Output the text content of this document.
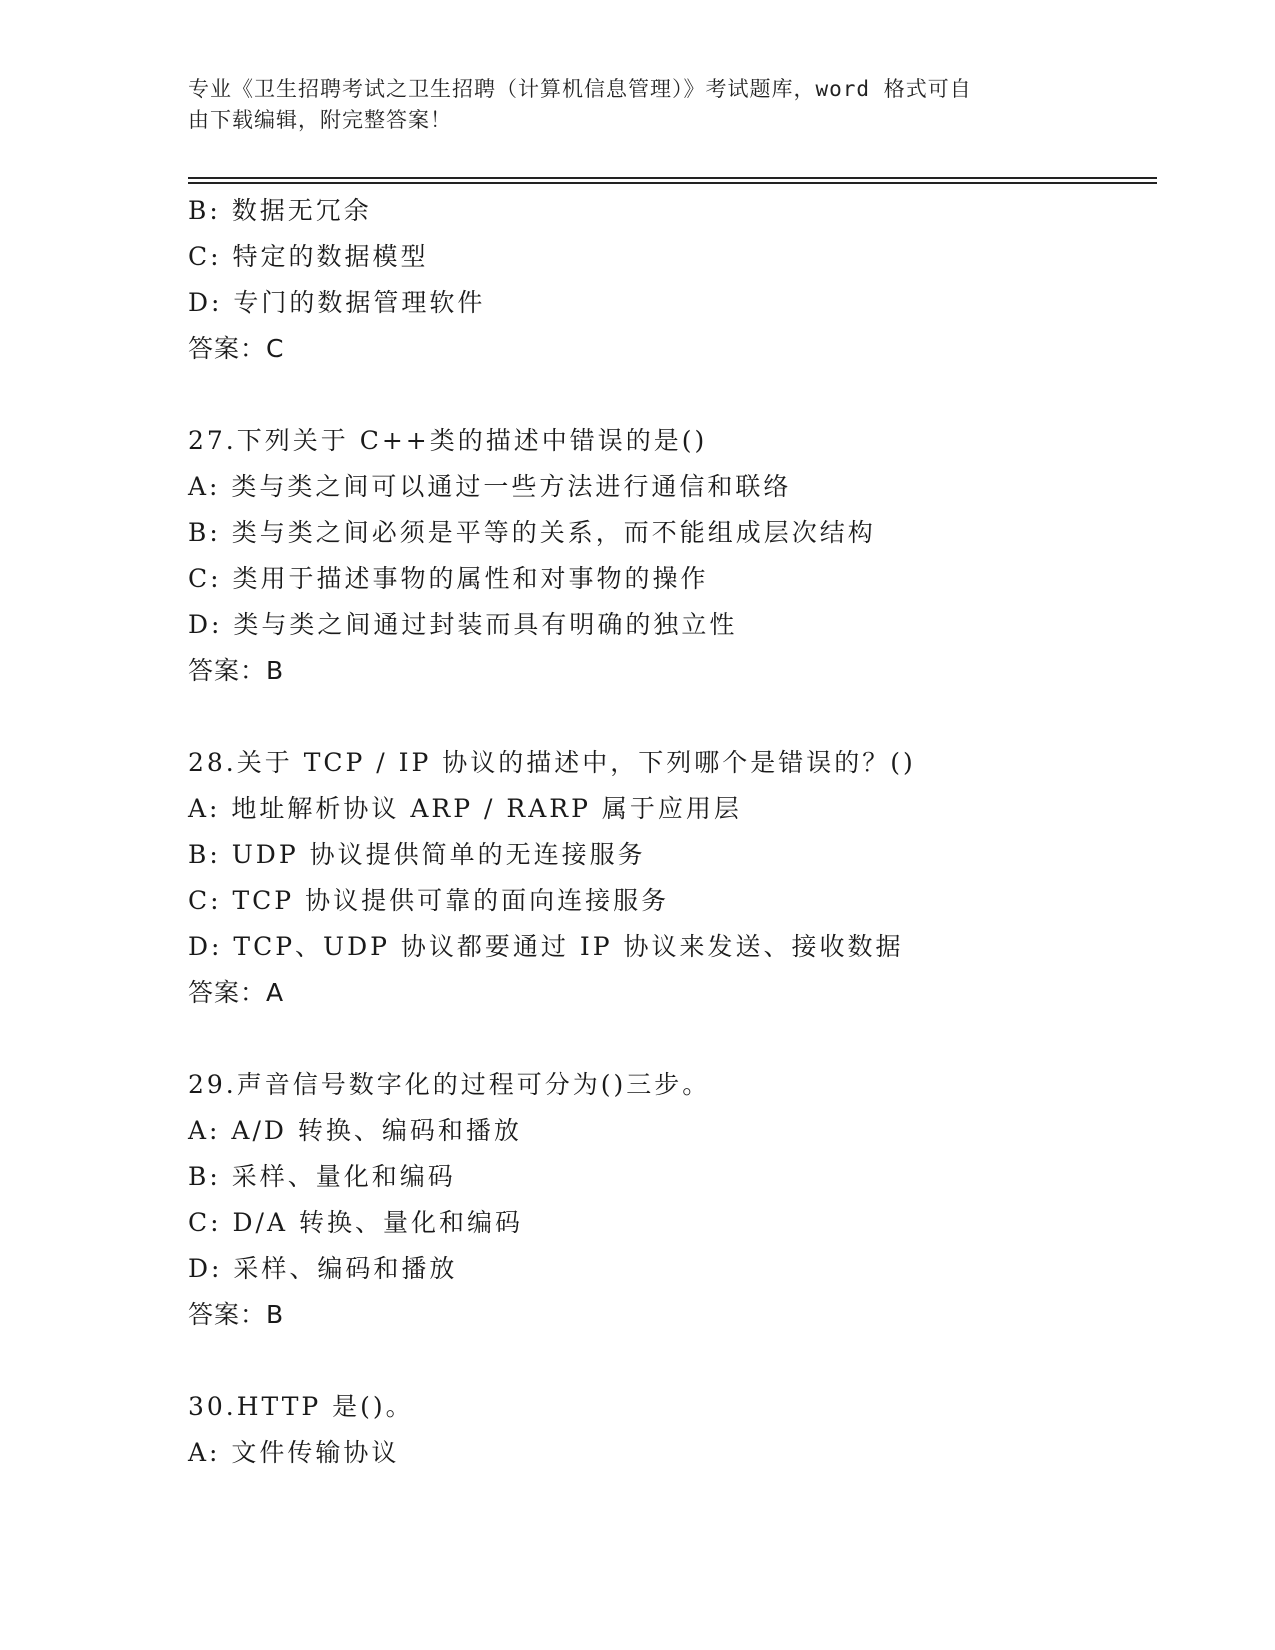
专业《卫生招聘考试之卫生招聘（计算机信息管理）》考试题库，word 格式可自
由下载编辑，附完整答案！
B: 数据无冗余
C: 特定的数据模型
D: 专门的数据管理软件
答案：C
27.下列关于 C++类的描述中错误的是()
A: 类与类之间可以通过一些方法进行通信和联络
B: 类与类之间必须是平等的关系，而不能组成层次结构
C: 类用于描述事物的属性和对事物的操作
D: 类与类之间通过封装而具有明确的独立性
答案：B
28.关于 TCP / IP 协议的描述中，下列哪个是错误的？()
A: 地址解析协议 ARP / RARP 属于应用层
B: UDP 协议提供简单的无连接服务
C: TCP 协议提供可靠的面向连接服务
D: TCP、UDP 协议都要通过 IP 协议来发送、接收数据
答案：A
29.声音信号数字化的过程可分为()三步。
A: A/D 转换、编码和播放
B: 采样、量化和编码
C: D/A 转换、量化和编码
D: 采样、编码和播放
答案：B
30.HTTP 是()。
A: 文件传输协议
